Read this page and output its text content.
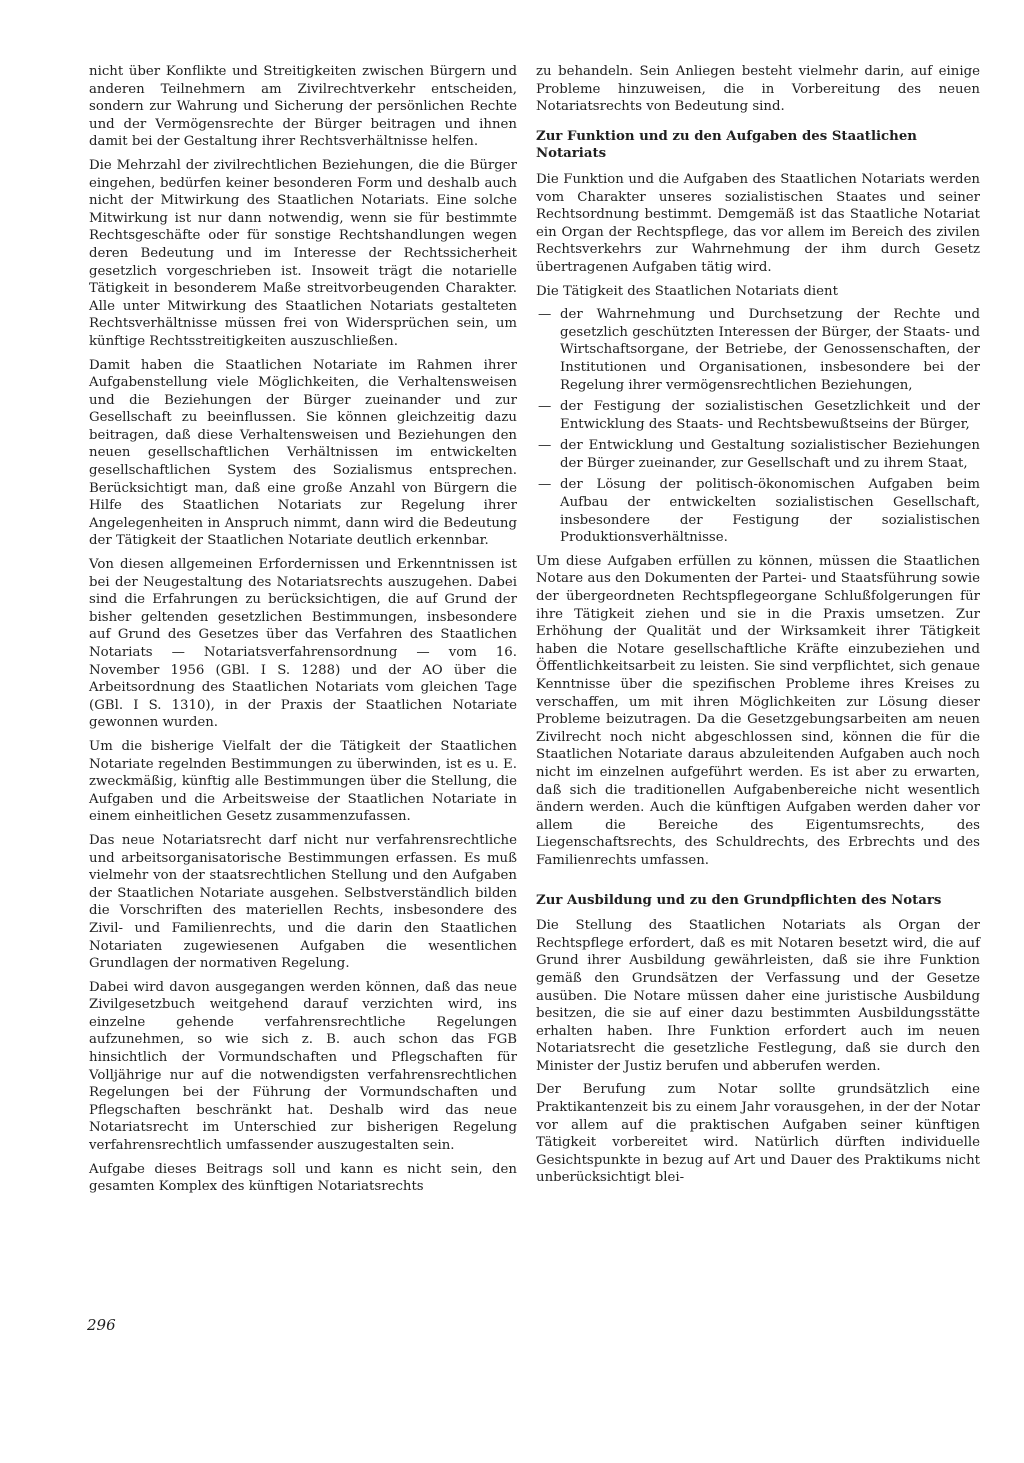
nicht über Konflikte und Streitigkeiten zwischen Bürgern und anderen Teilnehmern am Zivilrechtverkehr entscheiden, sondern zur Wahrung und Sicherung der persönlichen Rechte und der Vermögensrechte der Bürger beitragen und ihnen damit bei der Gestaltung ihrer Rechtsverhältnisse helfen.

Die Mehrzahl der zivilrechtlichen Beziehungen, die die Bürger eingehen, bedürfen keiner besonderen Form und deshalb auch nicht der Mitwirkung des Staatlichen Notariats. Eine solche Mitwirkung ist nur dann notwendig, wenn sie für bestimmte Rechtsgeschäfte oder für sonstige Rechtshandlungen wegen deren Bedeutung und im Interesse der Rechtssicherheit gesetzlich vorgeschrieben ist. Insoweit trägt die notarielle Tätigkeit in besonderem Maße streitvorbeugenden Charakter. Alle unter Mitwirkung des Staatlichen Notariats gestalteten Rechtsverhältnisse müssen frei von Widersprüchen sein, um künftige Rechtsstreitigkeiten auszuschließen.

Damit haben die Staatlichen Notariate im Rahmen ihrer Aufgabenstellung viele Möglichkeiten, die Verhaltensweisen und die Beziehungen der Bürger zueinander und zur Gesellschaft zu beeinflussen. Sie können gleichzeitig dazu beitragen, daß diese Verhaltensweisen und Beziehungen den neuen gesellschaftlichen Verhältnissen im entwickelten gesellschaftlichen System des Sozialismus entsprechen. Berücksichtigt man, daß eine große Anzahl von Bürgern die Hilfe des Staatlichen Notariats zur Regelung ihrer Angelegenheiten in Anspruch nimmt, dann wird die Bedeutung der Tätigkeit der Staatlichen Notariate deutlich erkennbar.

Von diesen allgemeinen Erfordernissen und Erkenntnissen ist bei der Neugestaltung des Notariatsrechts auszugehen. Dabei sind die Erfahrungen zu berücksichtigen, die auf Grund der bisher geltenden gesetzlichen Bestimmungen, insbesondere auf Grund des Gesetzes über das Verfahren des Staatlichen Notariats — Notariatsverfahrensordnung — vom 16. November 1956 (GBl. I S. 1288) und der AO über die Arbeitsordnung des Staatlichen Notariats vom gleichen Tage (GBl. I S. 1310), in der Praxis der Staatlichen Notariate gewonnen wurden.

Um die bisherige Vielfalt der die Tätigkeit der Staatlichen Notariate regelnden Bestimmungen zu überwinden, ist es u. E. zweckmäßig, künftig alle Bestimmungen über die Stellung, die Aufgaben und die Arbeitsweise der Staatlichen Notariate in einem einheitlichen Gesetz zusammenzufassen.

Das neue Notariatsrecht darf nicht nur verfahrensrechtliche und arbeitsorganisatorische Bestimmungen erfassen. Es muß vielmehr von der staatsrechtlichen Stellung und den Aufgaben der Staatlichen Notariate ausgehen. Selbstverständlich bilden die Vorschriften des materiellen Rechts, insbesondere des Zivil- und Familienrechts, und die darin den Staatlichen Notariaten zugewiesenen Aufgaben die wesentlichen Grundlagen der normativen Regelung.

Dabei wird davon ausgegangen werden können, daß das neue Zivilgesetzbuch weitgehend darauf verzichten wird, ins einzelne gehende verfahrensrechtliche Regelungen aufzunehmen, so wie sich z. B. auch schon das FGB hinsichtlich der Vormundschaften und Pflegschaften für Volljährige nur auf die notwendigsten verfahrensrechtlichen Regelungen bei der Führung der Vormundschaften und Pflegschaften beschränkt hat. Deshalb wird das neue Notariatsrecht im Unterschied zur bisherigen Regelung verfahrensrechtlich umfassender auszugestalten sein.

Aufgabe dieses Beitrags soll und kann es nicht sein, den gesamten Komplex des künftigen Notariatsrechts

zu behandeln. Sein Anliegen besteht vielmehr darin, auf einige Probleme hinzuweisen, die in Vorbereitung des neuen Notariatsrechts von Bedeutung sind.

Zur Funktion und zu den Aufgaben des Staatlichen Notariats

Die Funktion und die Aufgaben des Staatlichen Notariats werden vom Charakter unseres sozialistischen Staates und seiner Rechtsordnung bestimmt. Demgemäß ist das Staatliche Notariat ein Organ der Rechtspflege, das vor allem im Bereich des zivilen Rechtsverkehrs zur Wahrnehmung der ihm durch Gesetz übertragenen Aufgaben tätig wird.

Die Tätigkeit des Staatlichen Notariats dient

— der Wahrnehmung und Durchsetzung der Rechte und gesetzlich geschützten Interessen der Bürger, der Staats- und Wirtschaftsorgane, der Betriebe, der Genossenschaften, der Institutionen und Organisationen, insbesondere bei der Regelung ihrer vermögensrechtlichen Beziehungen,
— der Festigung der sozialistischen Gesetzlichkeit und der Entwicklung des Staats- und Rechtsbewußtseins der Bürger,
— der Entwicklung und Gestaltung sozialistischer Beziehungen der Bürger zueinander, zur Gesellschaft und zu ihrem Staat,
— der Lösung der politisch-ökonomischen Aufgaben beim Aufbau der entwickelten sozialistischen Gesellschaft, insbesondere der Festigung der sozialistischen Produktionsverhältnisse.

Um diese Aufgaben erfüllen zu können, müssen die Staatlichen Notare aus den Dokumenten der Partei- und Staatsführung sowie der übergeordneten Rechtspflegeorgane Schlußfolgerungen für ihre Tätigkeit ziehen und sie in die Praxis umsetzen. Zur Erhöhung der Qualität und der Wirksamkeit ihrer Tätigkeit haben die Notare gesellschaftliche Kräfte einzubeziehen und Öffentlichkeitsarbeit zu leisten. Sie sind verpflichtet, sich genaue Kenntnisse über die spezifischen Probleme ihres Kreises zu verschaffen, um mit ihren Möglichkeiten zur Lösung dieser Probleme beizutragen. Da die Gesetzgebungsarbeiten am neuen Zivilrecht noch nicht abgeschlossen sind, können die für die Staatlichen Notariate daraus abzuleitenden Aufgaben auch noch nicht im einzelnen aufgeführt werden. Es ist aber zu erwarten, daß sich die traditionellen Aufgabenbereiche nicht wesentlich ändern werden. Auch die künftigen Aufgaben werden daher vor allem die Bereiche des Eigentumsrechts, des Liegenschaftsrechts, des Schuldrechts, des Erbrechts und des Familienrechts umfassen.

Zur Ausbildung und zu den Grundpflichten des Notars

Die Stellung des Staatlichen Notariats als Organ der Rechtspflege erfordert, daß es mit Notaren besetzt wird, die auf Grund ihrer Ausbildung gewährleisten, daß sie ihre Funktion gemäß den Grundsätzen der Verfassung und der Gesetze ausüben. Die Notare müssen daher eine juristische Ausbildung besitzen, die sie auf einer dazu bestimmten Ausbildungsstätte erhalten haben. Ihre Funktion erfordert auch im neuen Notariatsrecht die gesetzliche Festlegung, daß sie durch den Minister der Justiz berufen und abberufen werden.

Der Berufung zum Notar sollte grundsätzlich eine Praktikantenzeit bis zu einem Jahr vorausgehen, in der der Notar vor allem auf die praktischen Aufgaben seiner künftigen Tätigkeit vorbereitet wird. Natürlich dürften individuelle Gesichtspunkte in bezug auf Art und Dauer des Praktikums nicht unberücksichtigt blei-

296
